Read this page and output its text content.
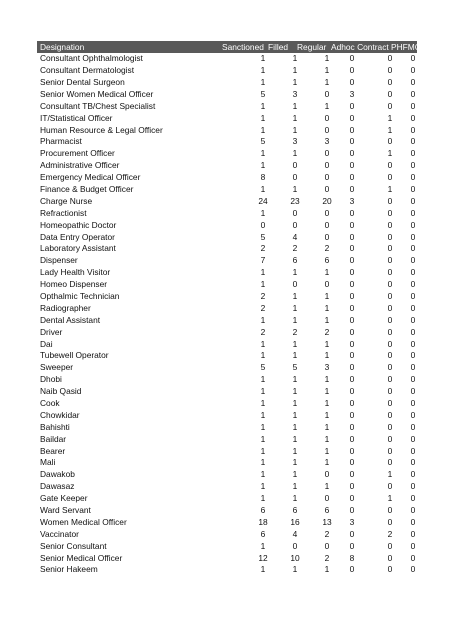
Designation	Sanctioned Filled Regular Adhoc Contract PHFMC
Consultant Ophthalmologist	1	1	1	0	0	0
Consultant Dermatologist	1	1	1	0	0	0
Senior Dental Surgeon	1	1	1	0	0	0
Senior Women Medical Officer	5	3	0	3	0	0
Consultant TB/Chest Specialist	1	1	1	0	0	0
IT/Statistical Officer	1	1	0	0	1	0
Human Resource & Legal Officer	1	1	0	0	1	0
Pharmacist	5	3	3	0	0	0
Procurement Officer	1	1	0	0	1	0
Administrative Officer	1	0	0	0	0	0
Emergency Medical Officer	8	0	0	0	0	0
Finance & Budget Officer	1	1	0	0	1	0
Charge Nurse	24	23	20	3	0	0
Refractionist	1	0	0	0	0	0
Homeopathic Doctor	0	0	0	0	0	0
Data Entry Operator	5	4	0	0	0	0
Laboratory Assistant	2	2	2	0	0	0
Dispenser	7	6	6	0	0	0
Lady Health Visitor	1	1	1	0	0	0
Homeo Dispenser	1	0	0	0	0	0
Opthalmic Technician	2	1	1	0	0	0
Radiographer	2	1	1	0	0	0
Dental Assistant	1	1	1	0	0	0
Driver	2	2	2	0	0	0
Dai	1	1	1	0	0	0
Tubewell Operator	1	1	1	0	0	0
Sweeper	5	5	3	0	0	0
Dhobi	1	1	1	0	0	0
Naib Qasid	1	1	1	0	0	0
Cook	1	1	1	0	0	0
Chowkidar	1	1	1	0	0	0
Bahishti	1	1	1	0	0	0
Baildar	1	1	1	0	0	0
Bearer	1	1	1	0	0	0
Mali	1	1	1	0	0	0
Dawakob	1	1	0	0	1	0
Dawasaz	1	1	1	0	0	0
Gate Keeper	1	1	0	0	1	0
Ward Servant	6	6	6	0	0	0
Women Medical Officer	18	16	13	3	0	0
Vaccinator	6	4	2	0	2	0
Senior Consultant	1	0	0	0	0	0
Senior Medical Officer	12	10	2	8	0	0
Senior Hakeem	1	1	1	0	0	0
